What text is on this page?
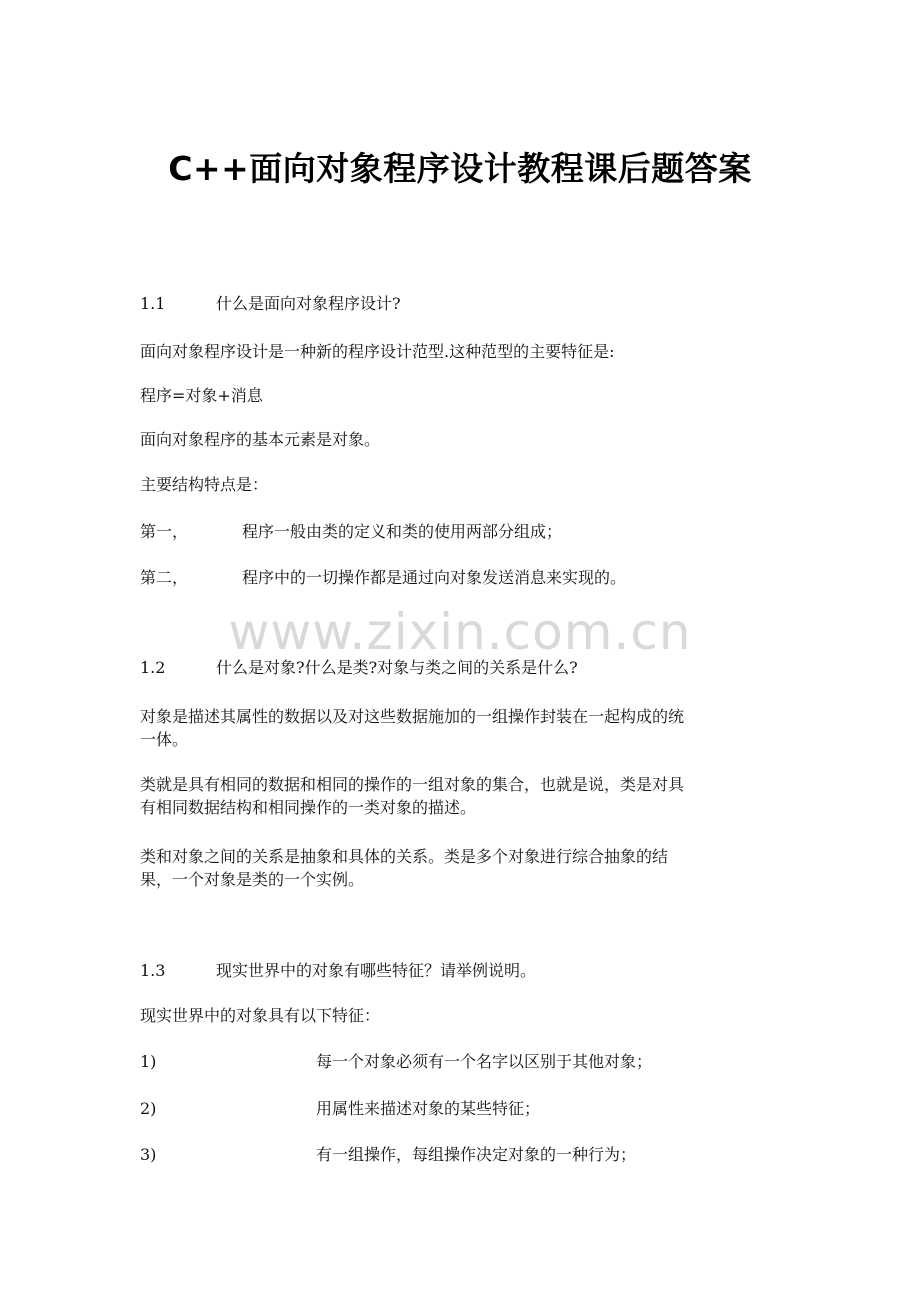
C++面向对象程序设计教程课后题答案
1.1	什么是面向对象程序设计?
面向对象程序设计是一种新的程序设计范型.这种范型的主要特征是:
程序=对象+消息
面向对象程序的基本元素是对象。
主要结构特点是：
第一，	程序一般由类的定义和类的使用两部分组成；
第二，	程序中的一切操作都是通过向对象发送消息来实现的。
www.zixin.com.cn
1.2	什么是对象?什么是类?对象与类之间的关系是什么?
对象是描述其属性的数据以及对这些数据施加的一组操作封装在一起构成的统
一体。
类就是具有相同的数据和相同的操作的一组对象的集合，也就是说，类是对具
有相同数据结构和相同操作的一类对象的描述。
类和对象之间的关系是抽象和具体的关系。类是多个对象进行综合抽象的结
果，一个对象是类的一个实例。
1.3	现实世界中的对象有哪些特征？请举例说明。
现实世界中的对象具有以下特征：
1)	每一个对象必须有一个名字以区别于其他对象；
2)	用属性来描述对象的某些特征；
3)	有一组操作，每组操作决定对象的一种行为；
